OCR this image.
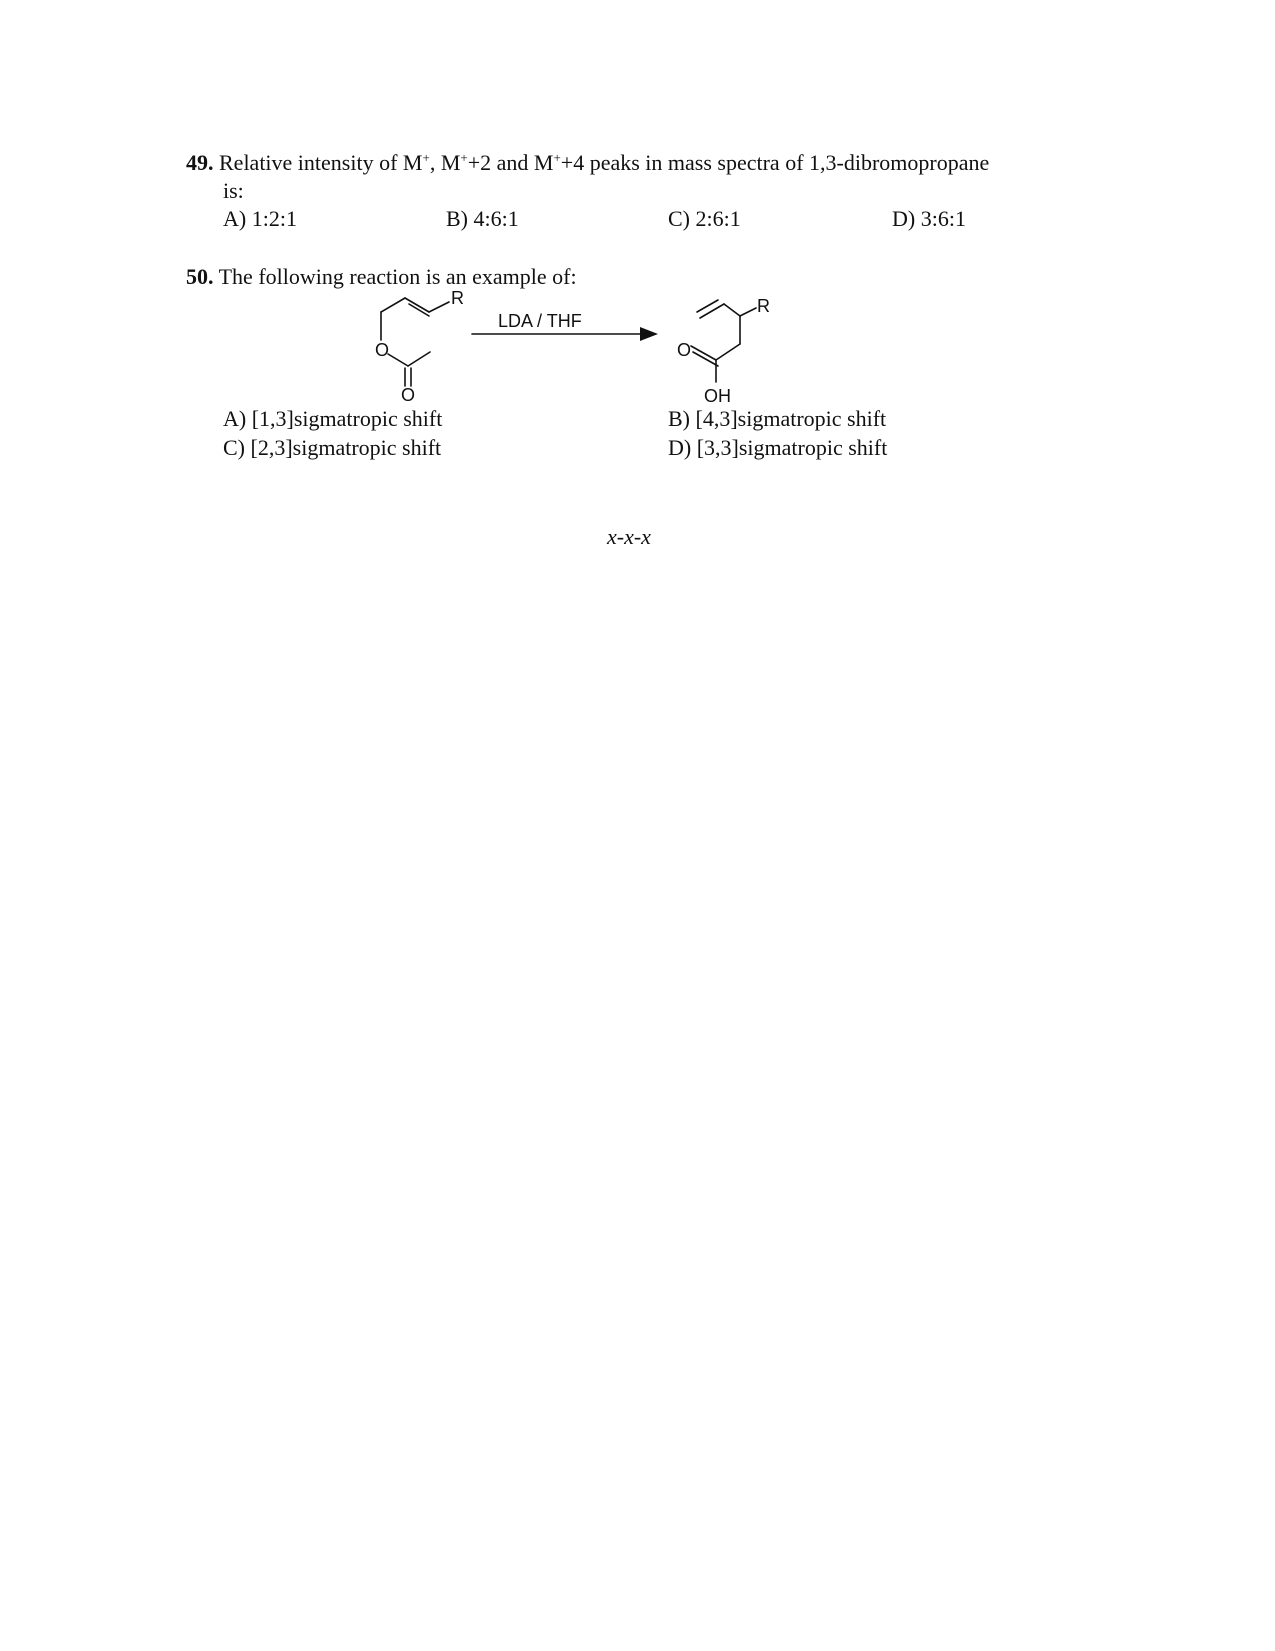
49. Relative intensity of M+, M++2 and M++4 peaks in mass spectra of 1,3-dibromopropane
is:
A) 1:2:1	B) 4:6:1	C) 2:6:1	D) 3:6:1
50. The following reaction is an example of:
R
O
O
LDA / THF
R
O
OH
A) [1,3]sigmatropic shift	B) [4,3]sigmatropic shift
C) [2,3]sigmatropic shift	D) [3,3]sigmatropic shift
x-x-x
